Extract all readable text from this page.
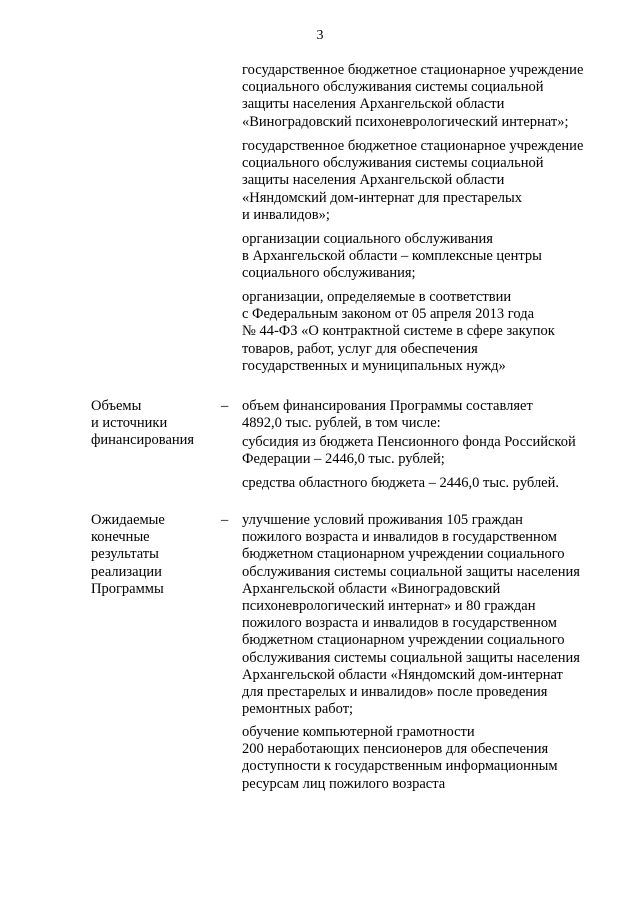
3

государственное бюджетное стационарное учреждение
социального обслуживания системы социальной
защиты населения Архангельской области
«Виноградовский психоневрологический интернат»;

государственное бюджетное стационарное учреждение
социального обслуживания системы социальной
защиты населения Архангельской области
«Няндомский дом-интернат для престарелых
и инвалидов»;

организации социального обслуживания
в Архангельской области – комплексные центры
социального обслуживания;

организации, определяемые в соответствии
с Федеральным законом от 05 апреля 2013 года
№ 44-ФЗ «О контрактной системе в сфере закупок
товаров, работ, услуг для обеспечения
государственных и муниципальных нужд»

Объемы
и источники
финансирования
– объем финансирования Программы составляет
4892,0 тыс. рублей, в том числе:

субсидия из бюджета Пенсионного фонда Российской
Федерации – 2446,0 тыс. рублей;

средства областного бюджета – 2446,0 тыс. рублей.

Ожидаемые
конечные
результаты
реализации
Программы
– улучшение условий проживания 105 граждан
пожилого возраста и инвалидов в государственном
бюджетном стационарном учреждении социального
обслуживания системы социальной защиты населения
Архангельской области «Виноградовский
психоневрологический интернат» и 80 граждан
пожилого возраста и инвалидов в государственном
бюджетном стационарном учреждении социального
обслуживания системы социальной защиты населения
Архангельской области «Няндомский дом-интернат
для престарелых и инвалидов» после проведения
ремонтных работ;

обучение компьютерной грамотности
200 неработающих пенсионеров для обеспечения
доступности к государственным информационным
ресурсам лиц пожилого возраста
